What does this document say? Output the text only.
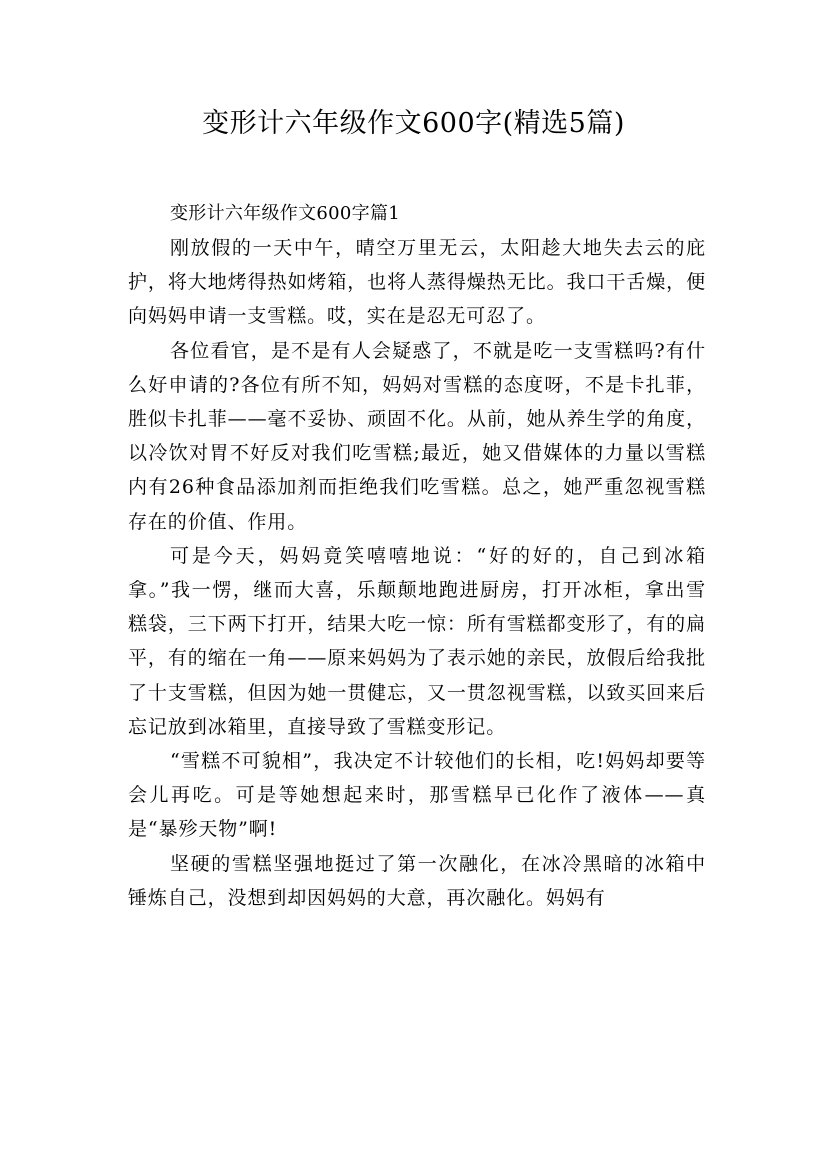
变形计六年级作文600字(精选5篇)

变形计六年级作文600字篇1

刚放假的一天中午，晴空万里无云，太阳趁大地失去云的庇护，将大地烤得热如烤箱，也将人蒸得燥热无比。我口干舌燥，便向妈妈申请一支雪糕。哎，实在是忍无可忍了。

各位看官，是不是有人会疑惑了，不就是吃一支雪糕吗?有什么好申请的?各位有所不知，妈妈对雪糕的态度呀，不是卡扎菲，胜似卡扎菲——毫不妥协、顽固不化。从前，她从养生学的角度，以冷饮对胃不好反对我们吃雪糕;最近，她又借媒体的力量以雪糕内有26种食品添加剂而拒绝我们吃雪糕。总之，她严重忽视雪糕存在的价值、作用。

可是今天，妈妈竟笑嘻嘻地说：“好的好的，自己到冰箱拿。”我一愣，继而大喜，乐颠颠地跑进厨房，打开冰柜，拿出雪糕袋，三下两下打开，结果大吃一惊：所有雪糕都变形了，有的扁平，有的缩在一角——原来妈妈为了表示她的亲民，放假后给我批了十支雪糕，但因为她一贯健忘，又一贯忽视雪糕，以致买回来后忘记放到冰箱里，直接导致了雪糕变形记。

“雪糕不可貌相”，我决定不计较他们的长相，吃!妈妈却要等会儿再吃。可是等她想起来时，那雪糕早已化作了液体——真是“暴殄天物”啊!

坚硬的雪糕坚强地挺过了第一次融化，在冰冷黑暗的冰箱中锤炼自己，没想到却因妈妈的大意，再次融化。妈妈有
